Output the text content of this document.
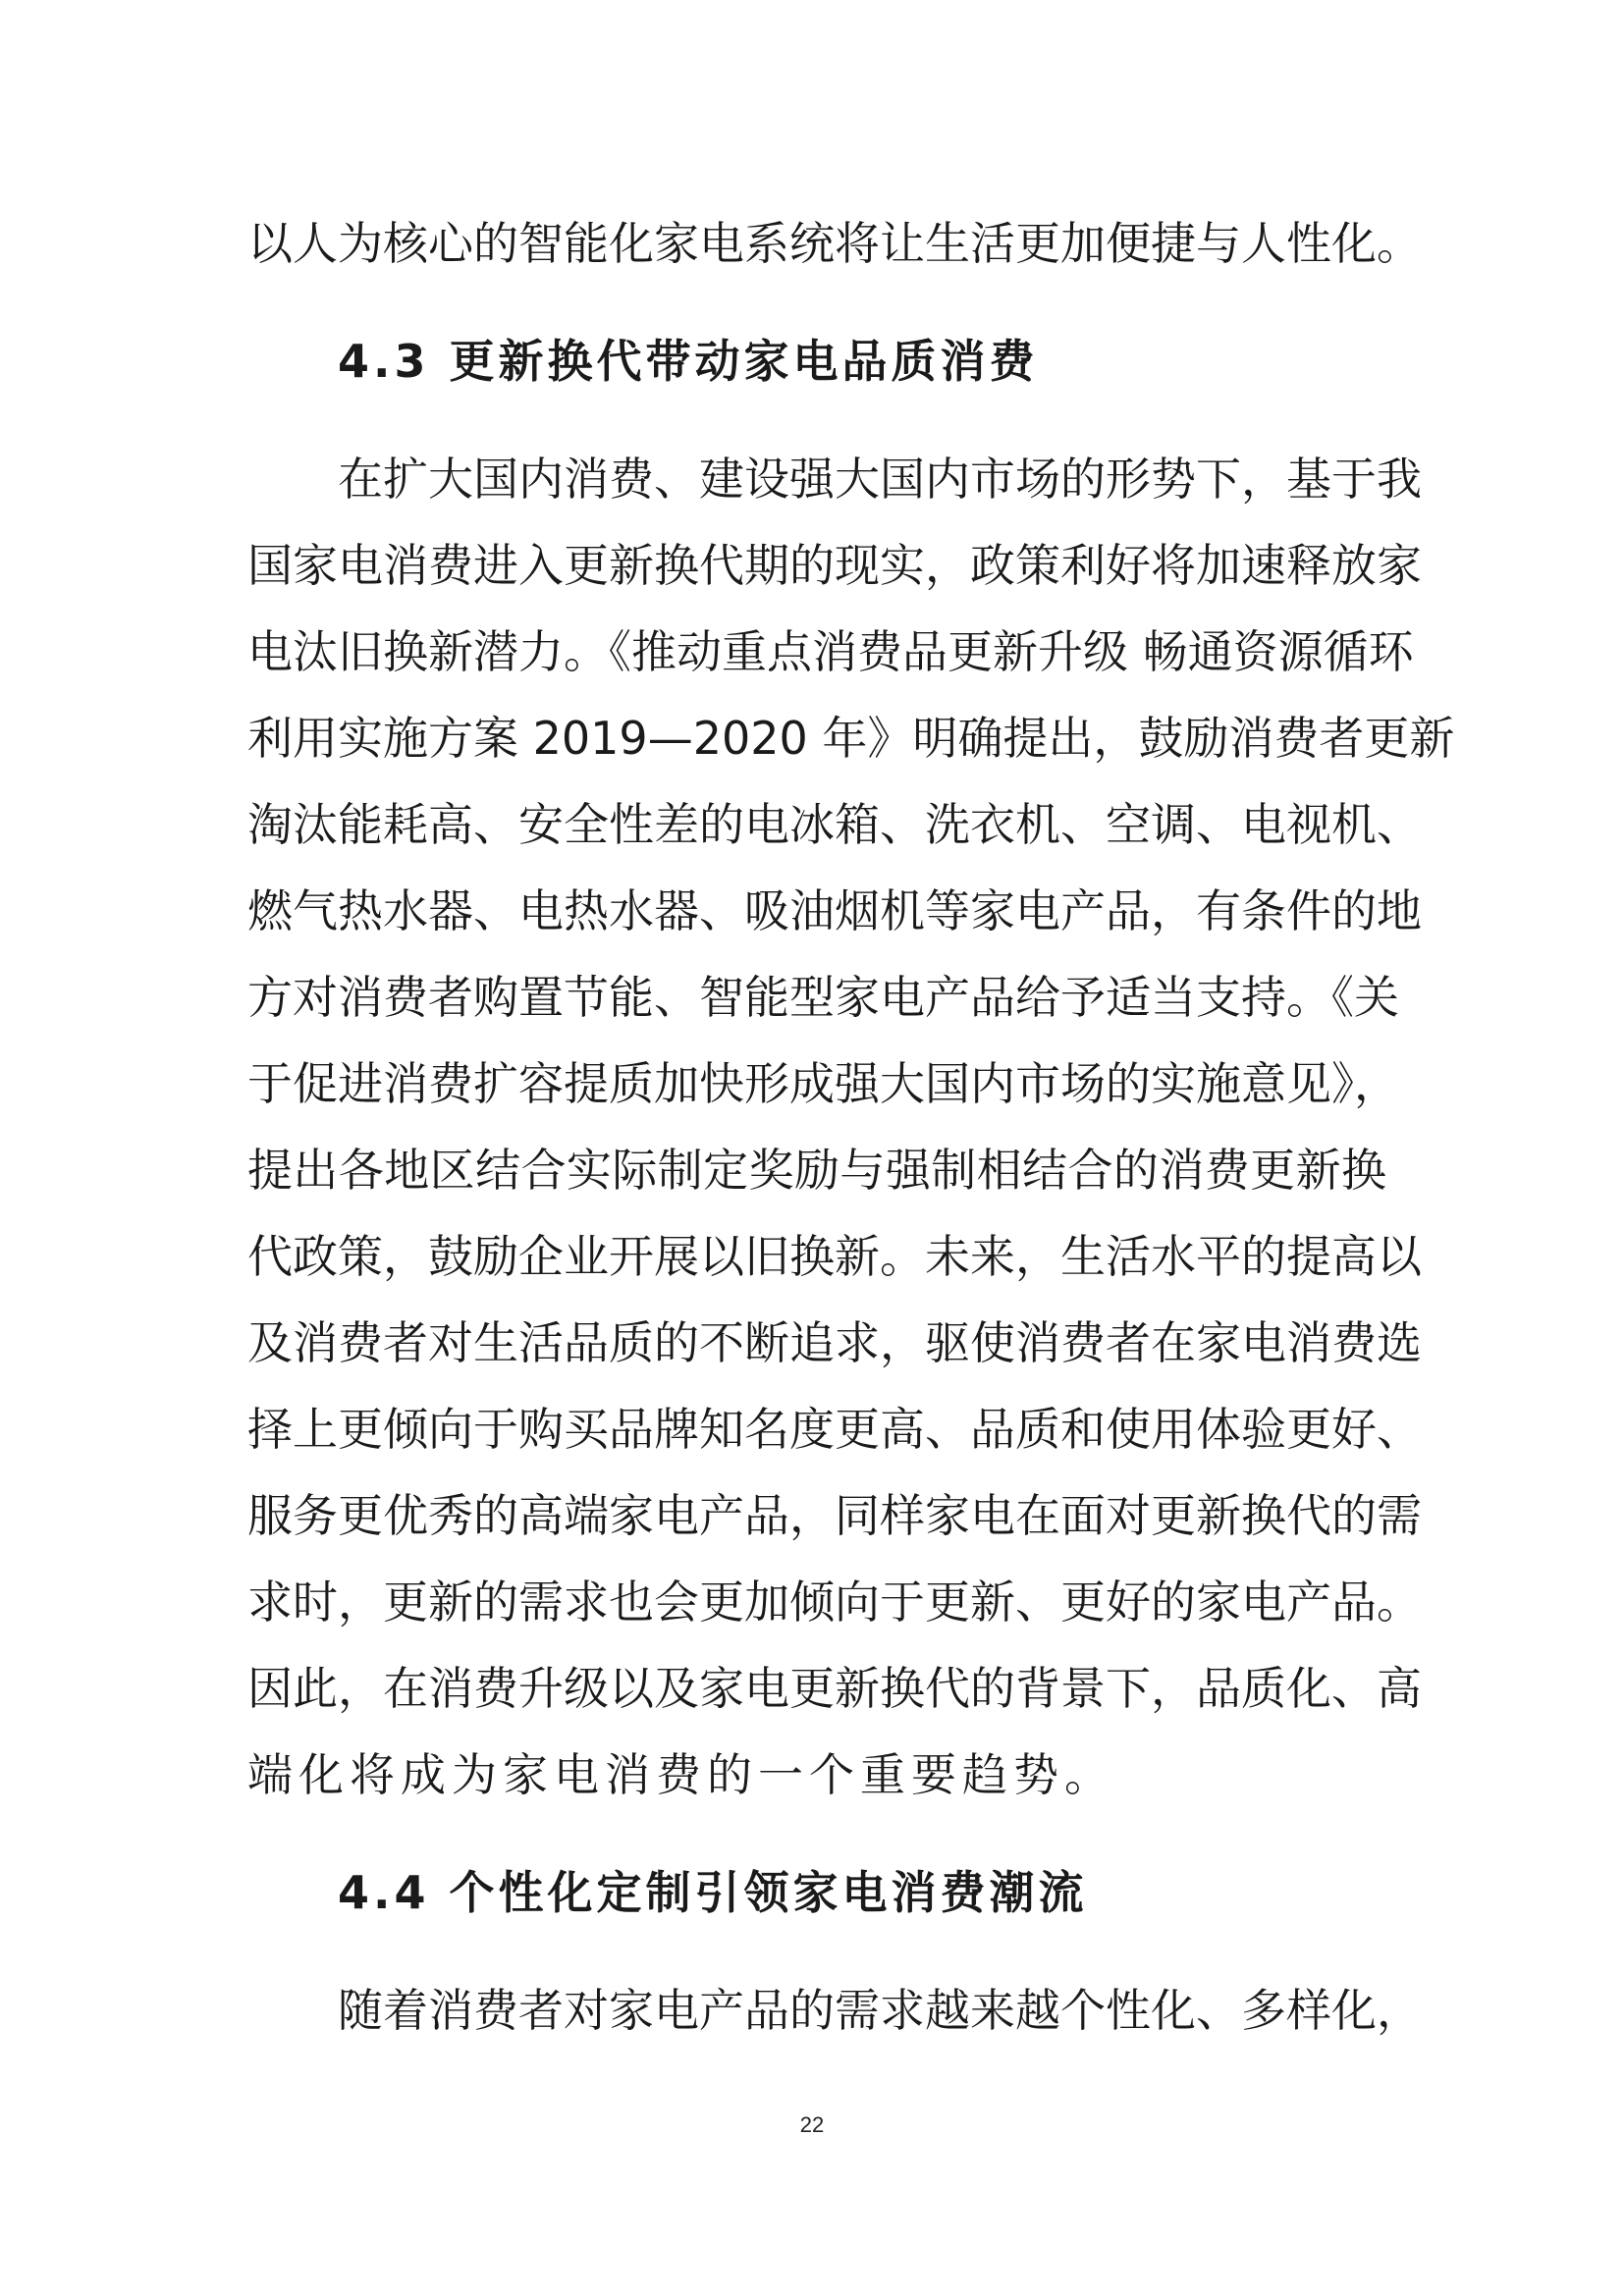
以人为核心的智能化家电系统将让生活更加便捷与人性化。

4.3 更新换代带动家电品质消费

在扩大国内消费、建设强大国内市场的形势下，基于我

国家电消费进入更新换代期的现实，政策利好将加速释放家

电汰旧换新潜力。《推动重点消费品更新升级 畅通资源循环

利用实施方案 2019—2020 年》明确提出，鼓励消费者更新

淘汰能耗高、安全性差的电冰箱、洗衣机、空调、电视机、

燃气热水器、电热水器、吸油烟机等家电产品，有条件的地

方对消费者购置节能、智能型家电产品给予适当支持。《关

于促进消费扩容提质加快形成强大国内市场的实施意见》，

提出各地区结合实际制定奖励与强制相结合的消费更新换

代政策，鼓励企业开展以旧换新。未来，生活水平的提高以

及消费者对生活品质的不断追求，驱使消费者在家电消费选

择上更倾向于购买品牌知名度更高、品质和使用体验更好、

服务更优秀的高端家电产品，同样家电在面对更新换代的需

求时，更新的需求也会更加倾向于更新、更好的家电产品。

因此，在消费升级以及家电更新换代的背景下，品质化、高

端化将成为家电消费的一个重要趋势。

4.4 个性化定制引领家电消费潮流

随着消费者对家电产品的需求越来越个性化、多样化，

22
